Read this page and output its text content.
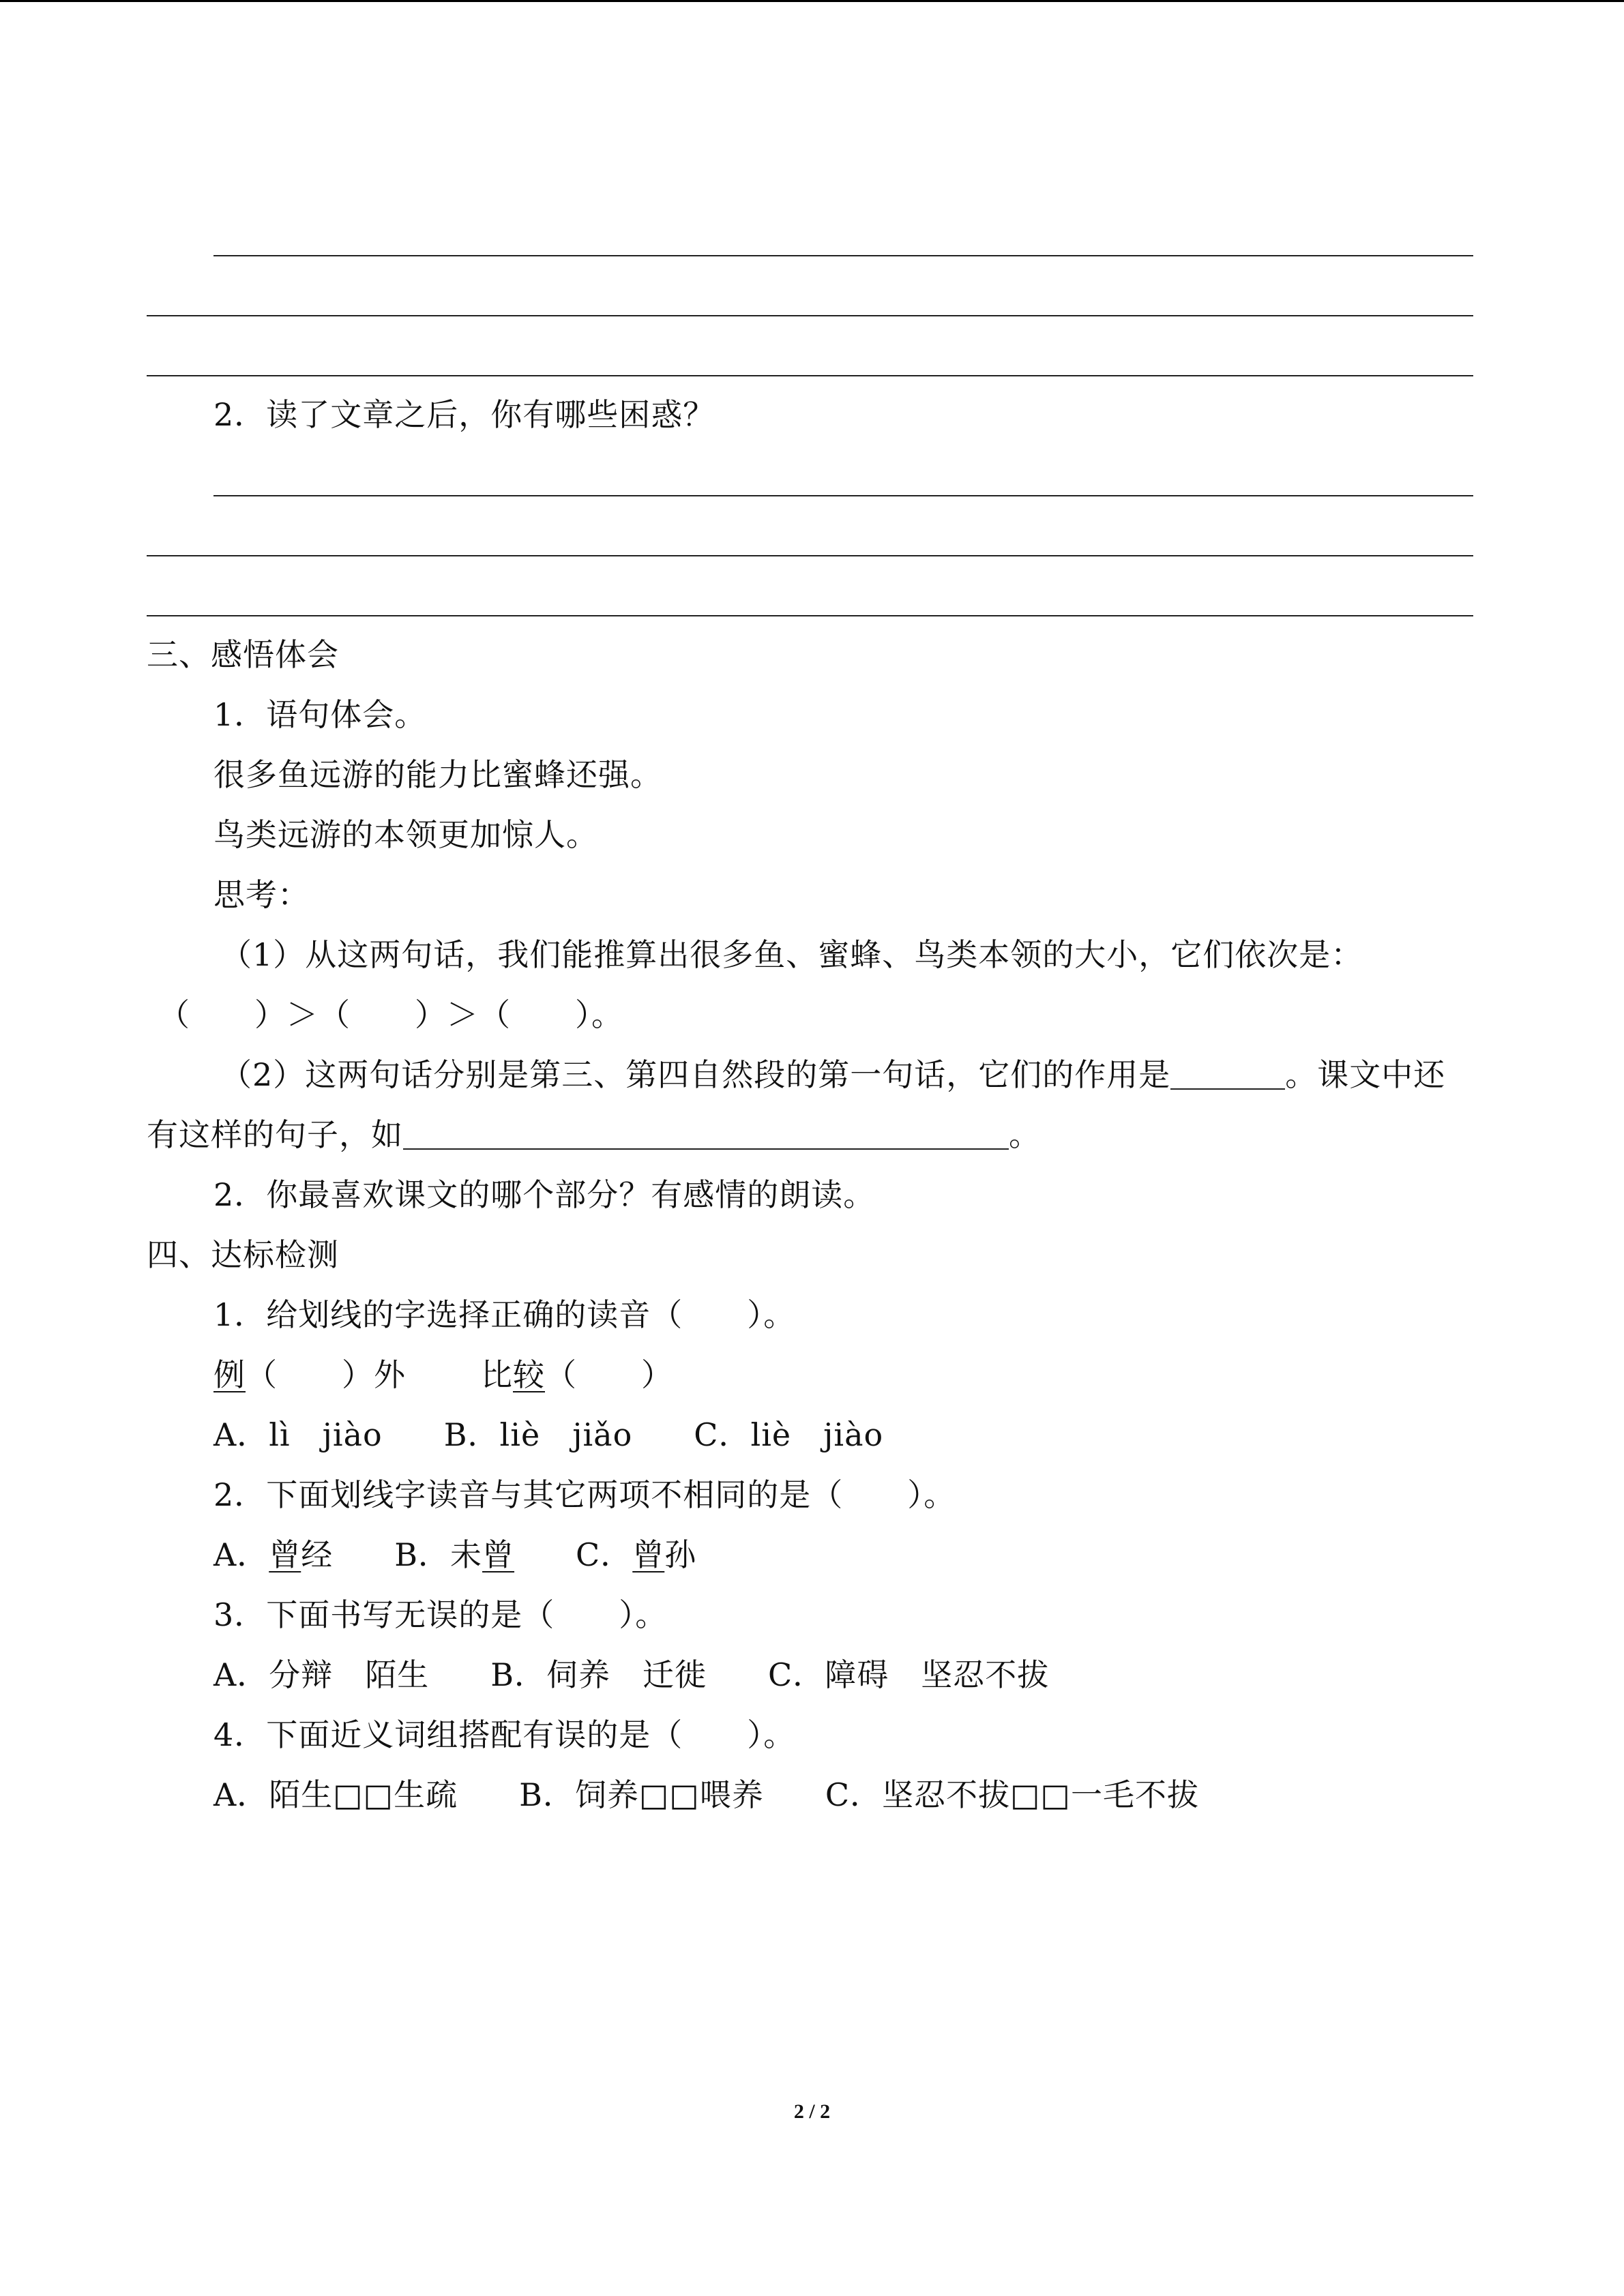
2．读了文章之后，你有哪些困惑？
三、感悟体会
1．语句体会。
很多鱼远游的能力比蜜蜂还强。
鸟类远游的本领更加惊人。
思考：
（1）从这两句话，我们能推算出很多鱼、蜜蜂、鸟类本领的大小，它们依次是：
（　　）＞（　　）＞（　　）。
（2）这两句话分别是第三、第四自然段的第一句话，它们的作用是	。课文中还
有这样的句子，如	。
2．你最喜欢课文的哪个部分？有感情的朗读。
四、达标检测
1．给划线的字选择正确的读音（　　）。
例（　　）外 比较（　　）
A．lì　jiào B．liè　jiǎo C．liè　jiào
2．下面划线字读音与其它两项不相同的是（　　）。
A．曾经 B．未曾 C．曾孙
3．下面书写无误的是（　　）。
A．分辩　陌生 B．伺养　迁徙 C．障碍　坚忍不拔
4．下面近义词组搭配有误的是（　　）。
A．陌生□□生疏 B．饲养□□喂养 C．坚忍不拔□□一毛不拔
2 / 2
